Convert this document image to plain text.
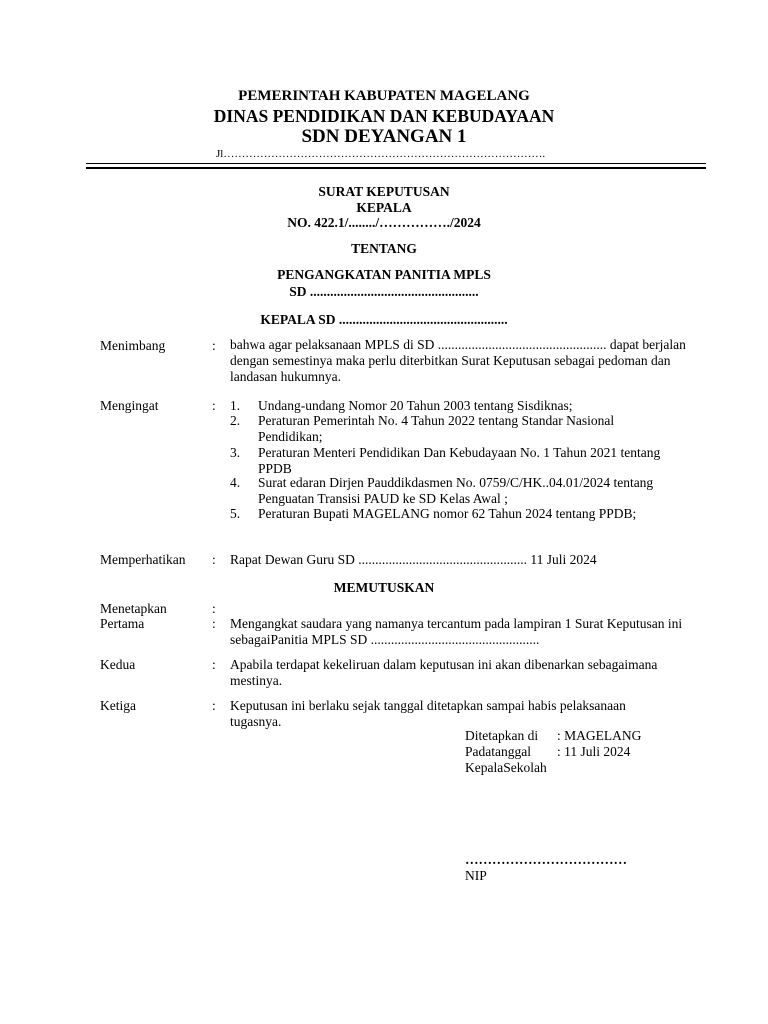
PEMERINTAH KABUPATEN MAGELANG
DINAS PENDIDIKAN DAN KEBUDAYAAN
SDN DEYANGAN 1
Jl…………………………………………………………………………….
SURAT KEPUTUSAN
KEPALA
NO. 422.1/......../……………./2024
TENTANG
PENGANGKATAN PANITIA MPLS
SD ..................................................
KEPALA SD ..................................................
Menimbang	: bahwa agar pelaksanaan MPLS di SD .................................................. dapat berjalan dengan semestinya maka perlu diterbitkan Surat Keputusan sebagai pedoman dan landasan hukumnya.
Mengingat	: 1. Undang-undang Nomor 20 Tahun 2003 tentang Sisdiknas;
2. Peraturan Pemerintah No. 4 Tahun 2022 tentang Standar Nasional Pendidikan;
3. Peraturan Menteri Pendidikan Dan Kebudayaan No. 1 Tahun 2021 tentang PPDB
4. Surat edaran Dirjen Pauddikdasmen No. 0759/C/HK..04.01/2024 tentang Penguatan Transisi PAUD ke SD Kelas Awal ;
5. Peraturan Bupati MAGELANG nomor 62 Tahun 2024 tentang PPDB;
Memperhatikan : Rapat Dewan Guru SD .................................................. 11 Juli 2024
MEMUTUSKAN
Menetapkan	:
Pertama	: Mengangkat saudara yang namanya tercantum pada lampiran 1 Surat Keputusan ini sebagaiPanitia MPLS SD ..................................................
Kedua	: Apabila terdapat kekeliruan dalam keputusan ini akan dibenarkan sebagaimana mestinya.
Ketiga	: Keputusan ini berlaku sejak tanggal ditetapkan sampai habis pelaksanaan tugasnya.
Ditetapkan di : MAGELANG
Padatanggal : 11 Juli 2024
KepalaSekolah
………………………………
NIP
